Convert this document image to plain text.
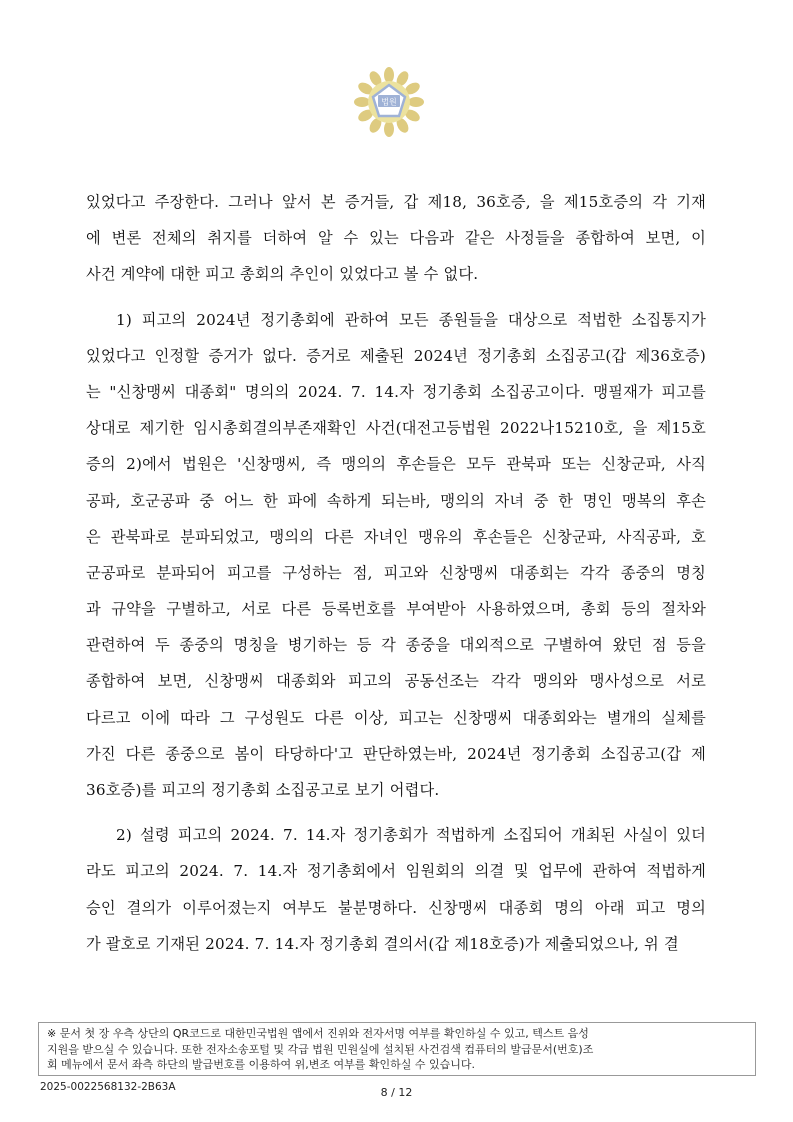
법원
있었다고 주장한다. 그러나 앞서 본 증거들, 갑 제18, 36호증, 을 제15호증의 각 기재
에 변론 전체의 취지를 더하여 알 수 있는 다음과 같은 사정들을 종합하여 보면, 이
사건 계약에 대한 피고 총회의 추인이 있었다고 볼 수 없다.
1) 피고의 2024년 정기총회에 관하여 모든 종원들을 대상으로 적법한 소집통지가
있었다고 인정할 증거가 없다. 증거로 제출된 2024년 정기총회 소집공고(갑 제36호증)
는 "신창맹씨 대종회" 명의의 2024. 7. 14.자 정기총회 소집공고이다. 맹필재가 피고를
상대로 제기한 임시총회결의부존재확인 사건(대전고등법원 2022나15210호, 을 제15호
증의 2)에서 법원은 '신창맹씨, 즉 맹의의 후손들은 모두 관북파 또는 신창군파, 사직
공파, 호군공파 중 어느 한 파에 속하게 되는바, 맹의의 자녀 중 한 명인 맹복의 후손
은 관북파로 분파되었고, 맹의의 다른 자녀인 맹유의 후손들은 신창군파, 사직공파, 호
군공파로 분파되어 피고를 구성하는 점, 피고와 신창맹씨 대종회는 각각 종중의 명칭
과 규약을 구별하고, 서로 다른 등록번호를 부여받아 사용하였으며, 총회 등의 절차와
관련하여 두 종중의 명칭을 병기하는 등 각 종중을 대외적으로 구별하여 왔던 점 등을
종합하여 보면, 신창맹씨 대종회와 피고의 공동선조는 각각 맹의와 맹사성으로 서로
다르고 이에 따라 그 구성원도 다른 이상, 피고는 신창맹씨 대종회와는 별개의 실체를
가진 다른 종중으로 봄이 타당하다'고 판단하였는바, 2024년 정기총회 소집공고(갑 제
36호증)를 피고의 정기총회 소집공고로 보기 어렵다.
2) 설령 피고의 2024. 7. 14.자 정기총회가 적법하게 소집되어 개최된 사실이 있더
라도 피고의 2024. 7. 14.자 정기총회에서 임원회의 의결 및 업무에 관하여 적법하게
승인 결의가 이루어졌는지 여부도 불분명하다. 신창맹씨 대종회 명의 아래 피고 명의
가 괄호로 기재된 2024. 7. 14.자 정기총회 결의서(갑 제18호증)가 제출되었으나, 위 결
※ 문서 첫 장 우측 상단의 QR코드로 대한민국법원 앱에서 진위와 전자서명 여부를 확인하실 수 있고, 텍스트 음성
지원을 받으실 수 있습니다. 또한 전자소송포털 및 각급 법원 민원실에 설치된 사건검색 컴퓨터의 발급문서(번호)조
회 메뉴에서 문서 좌측 하단의 발급번호를 이용하여 위,변조 여부를 확인하실 수 있습니다.
2025-0022568132-2B63A	8 / 12
